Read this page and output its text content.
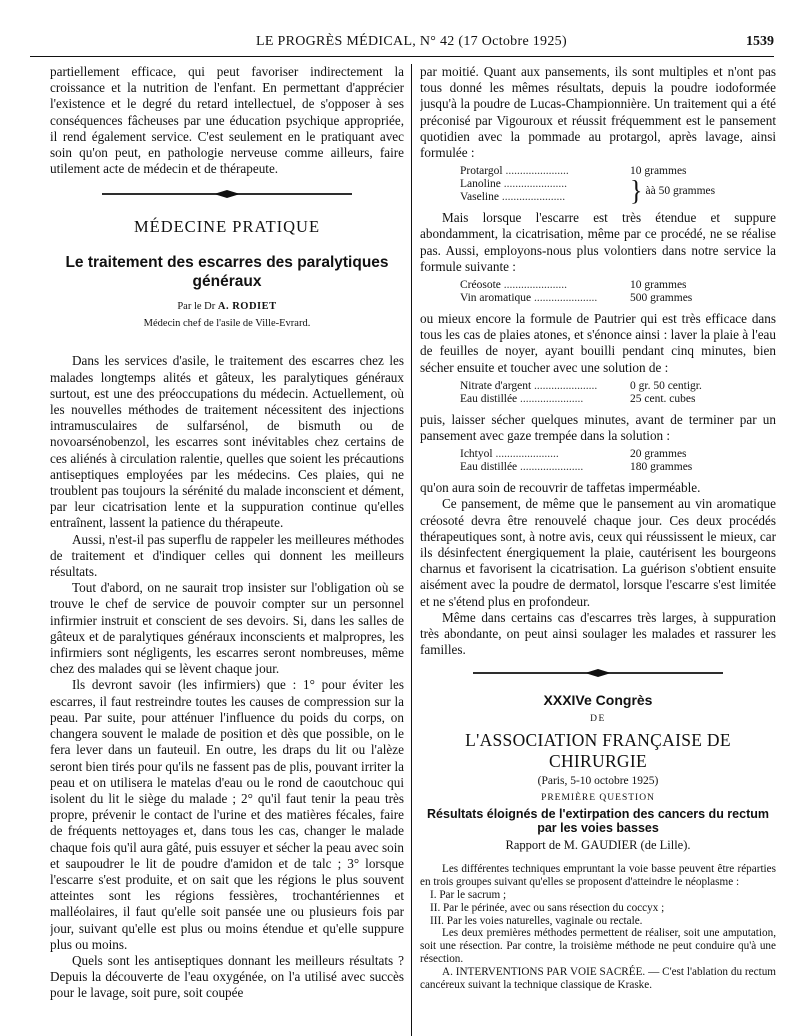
LE PROGRÈS MÉDICAL, N° 42 (17 Octobre 1925)	1539

partiellement efficace, qui peut favoriser indirectement la croissance et la nutrition de l'enfant. En permettant d'apprécier l'existence et le degré du retard intellectuel, de s'opposer à ses conséquences fâcheuses par une éducation psychique appropriée, il rend également service. C'est seulement en le pratiquant avec soin qu'on peut, en pathologie nerveuse comme ailleurs, faire utilement acte de médecin et de thérapeute.

MÉDECINE PRATIQUE
Le traitement des escarres des paralytiques généraux
Par le Dr A. RODIET
Médecin chef de l'asile de Ville-Evrard.

Dans les services d'asile, le traitement des escarres chez les malades longtemps alités et gâteux, les paralytiques généraux surtout, est une des préoccupations du médecin. Actuellement, où les nouvelles méthodes de traitement nécessitent des injections intramusculaires de sulfarsénol, de bismuth ou de novoarsénobenzol, les escarres sont inévitables chez certains de ces aliénés à circulation ralentie, quelles que soient les précautions antiseptiques employées par les médecins. Ces plaies, qui ne troublent pas toujours la sérénité du malade inconscient et dément, par leur cicatrisation lente et la suppuration continue qu'elles entraînent, lassent la patience du thérapeute.

Aussi, n'est-il pas superflu de rappeler les meilleures méthodes de traitement et d'indiquer celles qui donnent les meilleurs résultats.

Tout d'abord, on ne saurait trop insister sur l'obligation où se trouve le chef de service de pouvoir compter sur un personnel infirmier instruit et conscient de ses devoirs. Si, dans les salles de gâteux et de paralytiques généraux inconscients et malpropres, les infirmiers sont négligents, les escarres seront nombreuses, même chez des malades qui se lèvent chaque jour.

Ils devront savoir (les infirmiers) que : 1° pour éviter les escarres, il faut restreindre toutes les causes de compression sur la peau. Par suite, pour atténuer l'influence du poids du corps, on changera souvent le malade de position et dès que possible, on le fera lever dans un fauteuil. En outre, les draps du lit ou l'alèze seront bien tirés pour qu'ils ne fassent pas de plis, pouvant irriter la peau et on utilisera le matelas d'eau ou le rond de caoutchouc qui isolent du lit le siège du malade ; 2° qu'il faut tenir la peau très propre, prévenir le contact de l'urine et des matières fécales, faire de fréquents nettoyages et, dans tous les cas, changer le malade chaque fois qu'il aura gâté, puis essuyer et sécher la peau avec soin et saupoudrer le lit de poudre d'amidon et de talc ; 3° lorsque l'escarre s'est produite, et on sait que les régions le plus souvent atteintes sont les régions fessières, trochantériennes et malléolaires, il faut qu'elle soit pansée une ou plusieurs fois par jour, suivant qu'elle est plus ou moins étendue et qu'elle suppure plus ou moins.

Quels sont les antiseptiques donnant les meilleurs résultats ? Depuis la découverte de l'eau oxygénée, on l'a utilisé avec succès pour le lavage, soit pure, soit coupée

par moitié. Quant aux pansements, ils sont multiples et n'ont pas tous donné les mêmes résultats, depuis la poudre iodoformée jusqu'à la poudre de Lucas-Championnière. Un traitement qui a été préconisé par Vigouroux et réussit fréquemment est le pansement quotidien avec la pommade au protargol, après lavage, ainsi formulée :

Protargol ......................	10 grammes
Lanoline ......................
Vaseline ......................	} àà 50 grammes

Mais lorsque l'escarre est très étendue et suppure abondamment, la cicatrisation, même par ce procédé, ne se réalise pas. Aussi, employons-nous plus volontiers dans notre service la formule suivante :

Créosote ......................	10 grammes
Vin aromatique ......................	500 grammes

ou mieux encore la formule de Pautrier qui est très efficace dans tous les cas de plaies atones, et s'énonce ainsi : laver la plaie à l'eau de feuilles de noyer, ayant bouilli pendant cinq minutes, bien sécher ensuite et toucher avec une solution de :

Nitrate d'argent ......................	0 gr. 50 centigr.
Eau distillée ......................	25 cent. cubes

puis, laisser sécher quelques minutes, avant de terminer par un pansement avec gaze trempée dans la solution :

Ichtyol ......................	20 grammes
Eau distillée ......................	180 grammes

qu'on aura soin de recouvrir de taffetas imperméable.

Ce pansement, de même que le pansement au vin aromatique créosoté devra être renouvelé chaque jour. Ces deux procédés thérapeutiques sont, à notre avis, ceux qui réussissent le mieux, car ils désinfectent énergiquement la plaie, cautérisent les bourgeons charnus et favorisent la cicatrisation. La guérison s'obtient ensuite aisément avec la poudre de dermatol, lorsque l'escarre s'est limitée et ne s'étend plus en profondeur.

Même dans certains cas d'escarres très larges, à suppuration très abondante, on peut ainsi soulager les malades et rassurer les familles.

XXXIVe Congrès
DE
L'ASSOCIATION FRANÇAISE DE CHIRURGIE
(Paris, 5-10 octobre 1925)
PREMIÈRE QUESTION
Résultats éloignés de l'extirpation des cancers du rectum par les voies basses
Rapport de M. GAUDIER (de Lille).

Les différentes techniques empruntant la voie basse peuvent être réparties en trois groupes suivant qu'elles se proposent d'atteindre le néoplasme :

I. Par le sacrum ;
II. Par le périnée, avec ou sans résection du coccyx ;
III. Par les voies naturelles, vaginale ou rectale.

Les deux premières méthodes permettent de réaliser, soit une amputation, soit une résection. Par contre, la troisième méthode ne peut conduire qu'à une résection.

A. INTERVENTIONS PAR VOIE SACRÉE. — C'est l'ablation du rectum cancéreux suivant la technique classique de Kraske.
